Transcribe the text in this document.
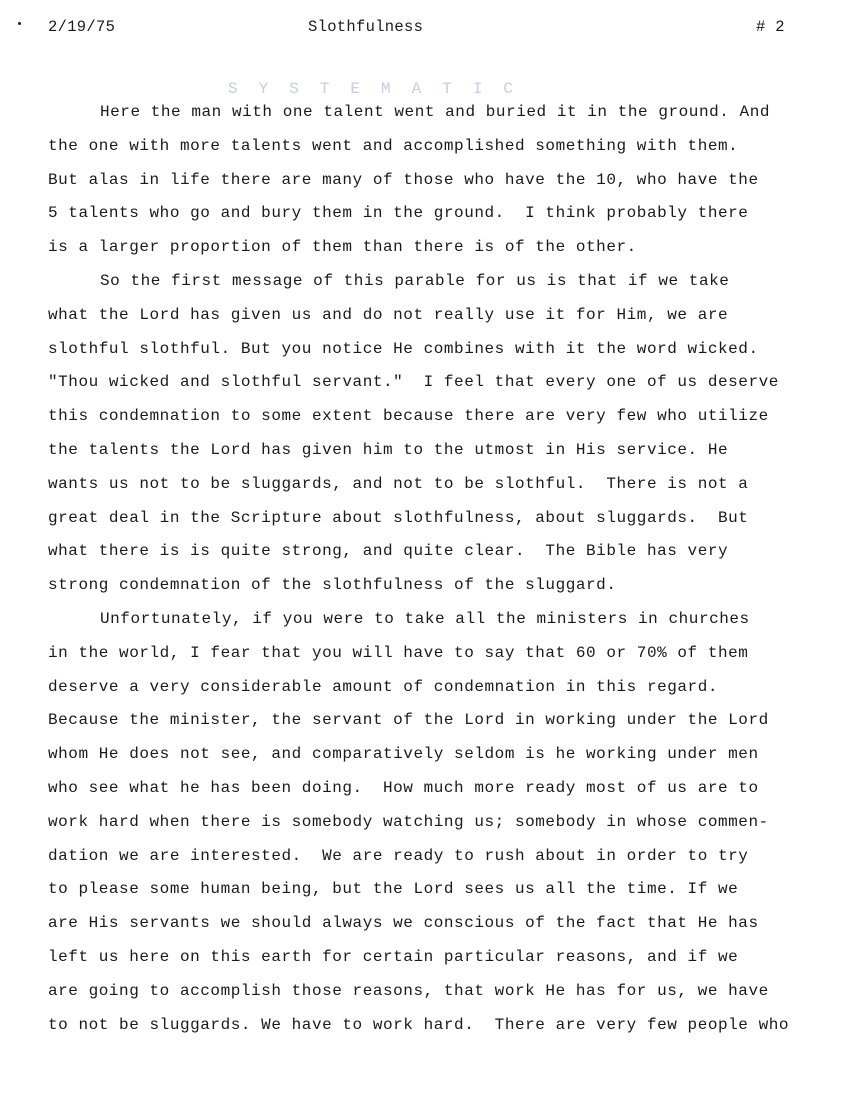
2/19/75	Slothfulness	# 2
SYSTEMATIC
Here the man with one talent went and buried it in the ground. And
the one with more talents went and accomplished something with them.
But alas in life there are many of those who have the 10, who have the
5 talents who go and bury them in the ground.  I think probably there
is a larger proportion of them than there is of the other.
So the first message of this parable for us is that if we take
what the Lord has given us and do not really use it for Him, we are
slothful slothful. But you notice He combines with it the word wicked.
"Thou wicked and slothful servant."  I feel that every one of us deserve
this condemnation to some extent because there are very few who utilize
the talents the Lord has given him to the utmost in His service. He
wants us not to be sluggards, and not to be slothful.  There is not a
great deal in the Scripture about slothfulness, about sluggards.  But
what there is is quite strong, and quite clear.  The Bible has very
strong condemnation of the slothfulness of the sluggard.
Unfortunately, if you were to take all the ministers in churches
in the world, I fear that you will have to say that 60 or 70% of them
deserve a very considerable amount of condemnation in this regard.
Because the minister, the servant of the Lord in working under the Lord
whom He does not see, and comparatively seldom is he working under men
who see what he has been doing.  How much more ready most of us are to
work hard when there is somebody watching us; somebody in whose commen-
dation we are interested.  We are ready to rush about in order to try
to please some human being, but the Lord sees us all the time. If we
are His servants we should always we conscious of the fact that He has
left us here on this earth for certain particular reasons, and if we
are going to accomplish those reasons, that work He has for us, we have
to not be sluggards. We have to work hard.  There are very few people who
